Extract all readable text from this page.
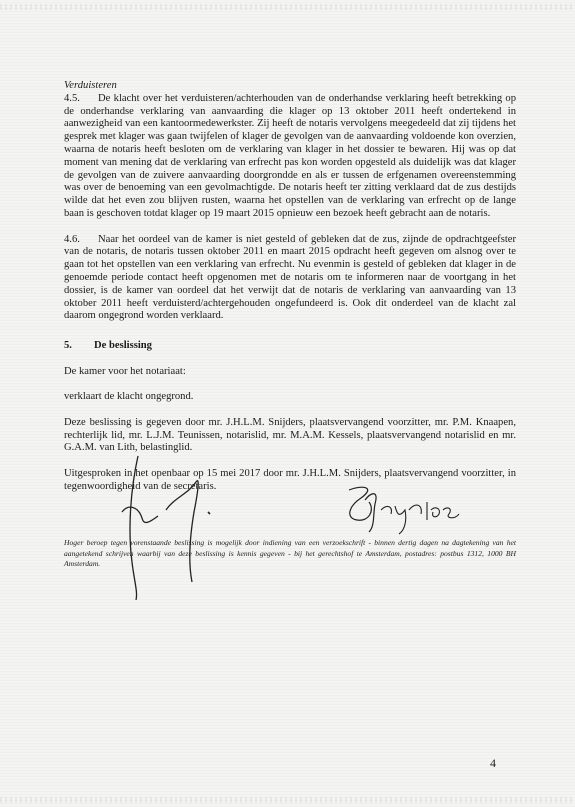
Verduisteren

4.5. De klacht over het verduisteren/achterhouden van de onderhandse verklaring heeft betrekking op de onderhandse verklaring van aanvaarding die klager op 13 oktober 2011 heeft ondertekend in aanwezigheid van een kantoormedewerkster. Zij heeft de notaris vervolgens meegedeeld dat zij tijdens het gesprek met klager was gaan twijfelen of klager de gevolgen van de aanvaarding voldoende kon overzien, waarna de notaris heeft besloten om de verklaring van klager in het dossier te bewaren. Hij was op dat moment van mening dat de verklaring van erfrecht pas kon worden opgesteld als duidelijk was dat klager de gevolgen van de zuivere aanvaarding doorgrondde en als er tussen de erfgenamen overeenstemming was over de benoeming van een gevolmachtigde. De notaris heeft ter zitting verklaard dat de zus destijds wilde dat het even zou blijven rusten, waarna het opstellen van de verklaring van erfrecht op de lange baan is geschoven totdat klager op 19 maart 2015 opnieuw een bezoek heeft gebracht aan de notaris.

4.6. Naar het oordeel van de kamer is niet gesteld of gebleken dat de zus, zijnde de opdrachtgeefster van de notaris, de notaris tussen oktober 2011 en maart 2015 opdracht heeft gegeven om alsnog over te gaan tot het opstellen van een verklaring van erfrecht. Nu evenmin is gesteld of gebleken dat klager in de genoemde periode contact heeft opgenomen met de notaris om te informeren naar de voortgang in het dossier, is de kamer van oordeel dat het verwijt dat de notaris de verklaring van aanvaarding van 13 oktober 2011 heeft verduisterd/achtergehouden ongefundeerd is. Ook dit onderdeel van de klacht zal daarom ongegrond worden verklaard.

5. De beslissing

De kamer voor het notariaat:

verklaart de klacht ongegrond.

Deze beslissing is gegeven door mr. J.H.L.M. Snijders, plaatsvervangend voorzitter, mr. P.M. Knaapen, rechterlijk lid, mr. L.J.M. Teunissen, notarislid, mr. M.A.M. Kessels, plaatsvervangend notarislid en mr. G.A.M. van Lith, belastinglid.

Uitgesproken in het openbaar op 15 mei 2017 door mr. J.H.L.M. Snijders, plaatsvervangend voorzitter, in tegenwoordigheid van de secretaris.

Hoger beroep tegen vorenstaande beslissing is mogelijk door indiening van een verzoekschrift - binnen dertig dagen na dagtekening van het aangetekend schrijven waarbij van deze beslissing is kennis gegeven - bij het gerechtshof te Amsterdam, postadres: postbus 1312, 1000 BH Amsterdam.
4
